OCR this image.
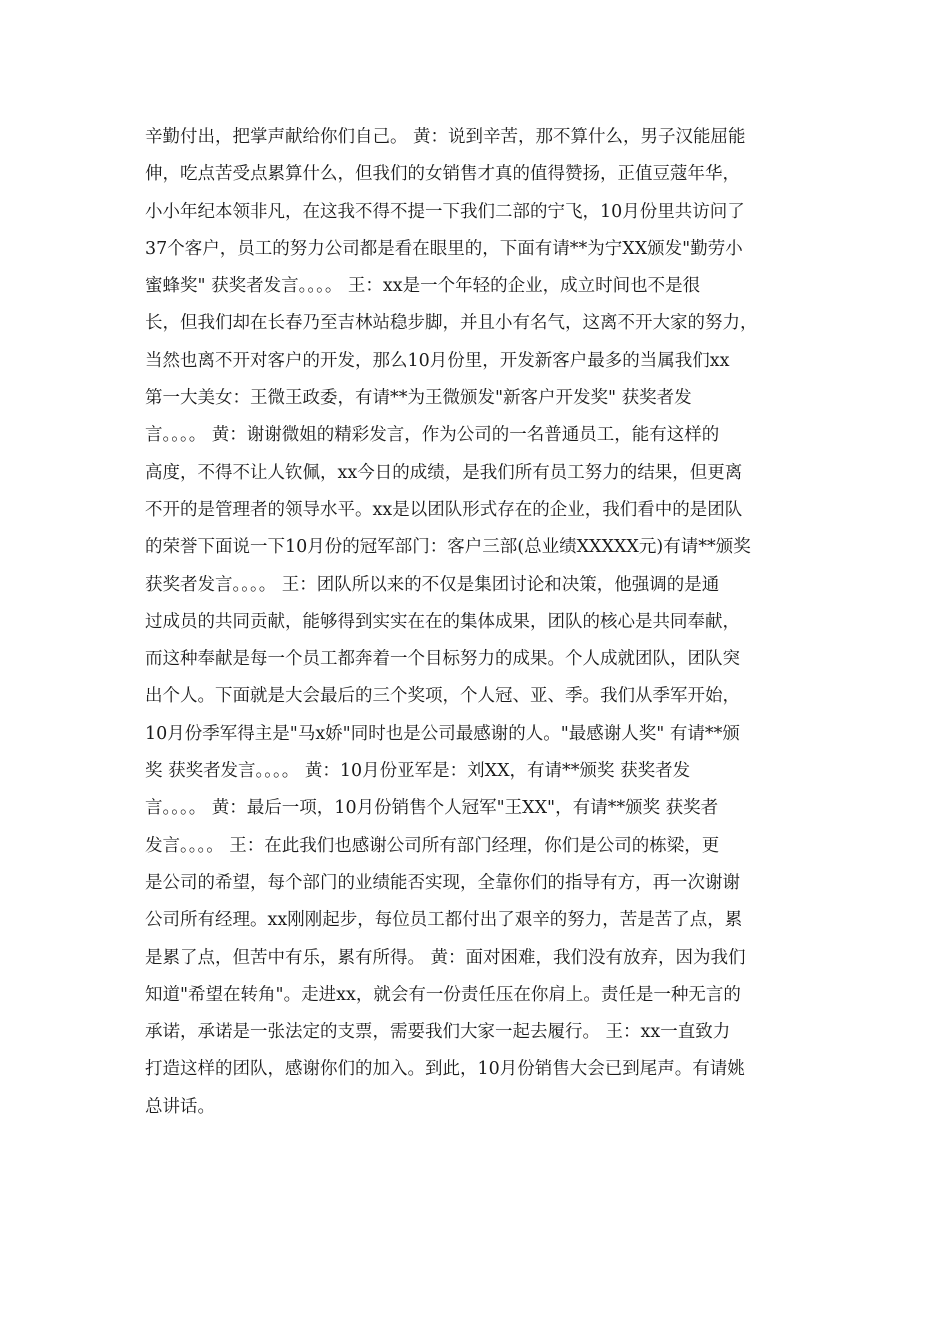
辛勤付出，把掌声献给你们自己。 黄：说到辛苦，那不算什么，男子汉能屈能
伸，吃点苦受点累算什么，但我们的女销售才真的值得赞扬，正值豆蔻年华，
小小年纪本领非凡，在这我不得不提一下我们二部的宁飞，10月份里共访问了
37个客户，员工的努力公司都是看在眼里的，下面有请**为宁XX颁发"勤劳小
蜜蜂奖" 获奖者发言。。。。 王：xx是一个年轻的企业，成立时间也不是很
长，但我们却在长春乃至吉林站稳步脚，并且小有名气，这离不开大家的努力，
当然也离不开对客户的开发，那么10月份里，开发新客户最多的当属我们xx
第一大美女：王微王政委，有请**为王微颁发"新客户开发奖" 获奖者发
言。。。。 黄：谢谢微姐的精彩发言，作为公司的一名普通员工，能有这样的
高度，不得不让人钦佩，xx今日的成绩，是我们所有员工努力的结果，但更离
不开的是管理者的领导水平。xx是以团队形式存在的企业，我们看中的是团队
的荣誉下面说一下10月份的冠军部门：客户三部(总业绩XXXXX元)有请**颁奖
获奖者发言。。。。 王：团队所以来的不仅是集团讨论和决策，他强调的是通
过成员的共同贡献，能够得到实实在在的集体成果，团队的核心是共同奉献，
而这种奉献是每一个员工都奔着一个目标努力的成果。个人成就团队，团队突
出个人。下面就是大会最后的三个奖项，个人冠、亚、季。我们从季军开始，
10月份季军得主是"马x娇"同时也是公司最感谢的人。"最感谢人奖" 有请**颁
奖 获奖者发言。。。。 黄：10月份亚军是：刘XX，有请**颁奖 获奖者发
言。。。。 黄：最后一项，10月份销售个人冠军"王XX"，有请**颁奖 获奖者
发言。。。。 王：在此我们也感谢公司所有部门经理，你们是公司的栋梁，更
是公司的希望，每个部门的业绩能否实现，全靠你们的指导有方，再一次谢谢
公司所有经理。xx刚刚起步，每位员工都付出了艰辛的努力，苦是苦了点，累
是累了点，但苦中有乐，累有所得。 黄：面对困难，我们没有放弃，因为我们
知道"希望在转角"。走进xx，就会有一份责任压在你肩上。责任是一种无言的
承诺，承诺是一张法定的支票，需要我们大家一起去履行。 王：xx一直致力
打造这样的团队，感谢你们的加入。到此，10月份销售大会已到尾声。有请姚
总讲话。
